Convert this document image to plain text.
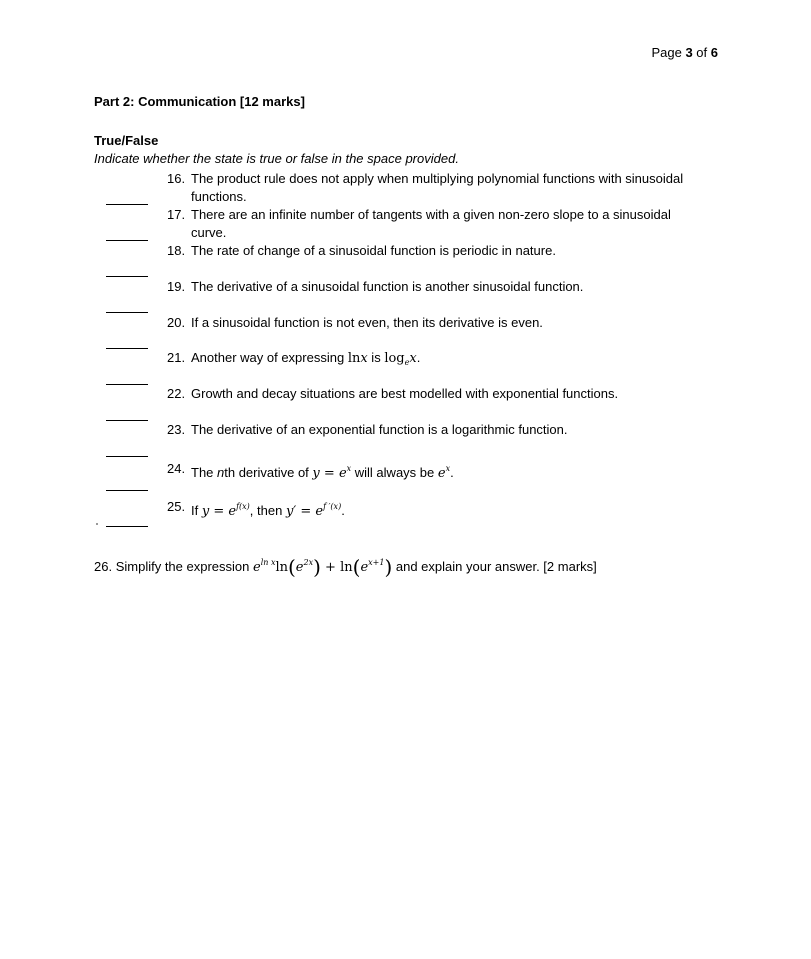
Page 3 of 6
Part 2: Communication [12 marks]
True/False
Indicate whether the state is true or false in the space provided.
16. The product rule does not apply when multiplying polynomial functions with sinusoidal
functions.
17. There are an infinite number of tangents with a given non-zero slope to a sinusoidal
curve.
18. The rate of change of a sinusoidal function is periodic in nature.
19. The derivative of a sinusoidal function is another sinusoidal function.
20. If a sinusoidal function is not even, then its derivative is even.
21. Another way of expressing lnx is $\log_ex$.
22. Growth and decay situations are best modelled with exponential functions.
23. The derivative of an exponential function is a logarithmic function.
24. The nth derivative of $y = e^x$ will always be $e^x$.
25. If $y = e^{f(x)}$, then $y' = e^{f '(x)}$.
26. Simplify the expression $e^{ln x}\ln(e^{2x}) + \ln(e^{x+1})$ and explain your answer. [2 marks]
